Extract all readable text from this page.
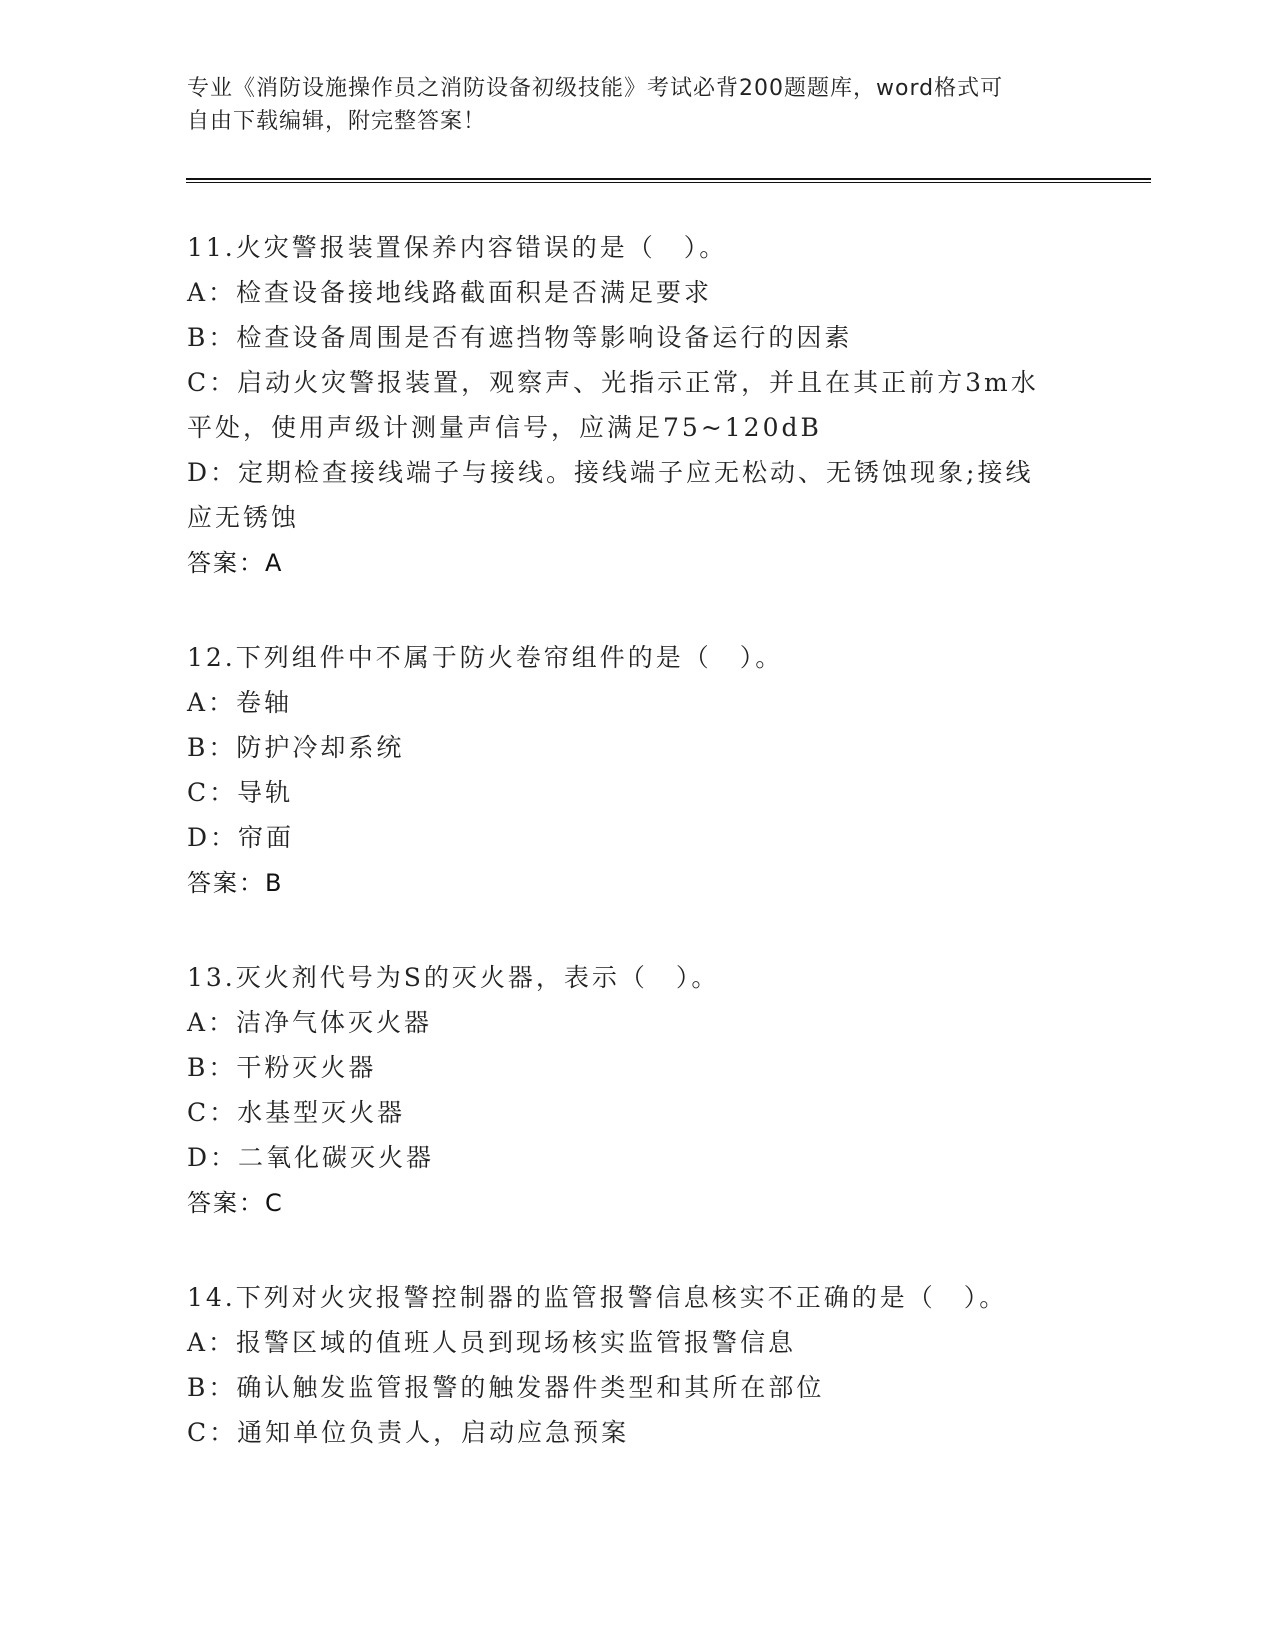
专业《消防设施操作员之消防设备初级技能》考试必背200题题库，word格式可
自由下载编辑，附完整答案！
11.火灾警报装置保养内容错误的是（　）。
A：检查设备接地线路截面积是否满足要求
B：检查设备周围是否有遮挡物等影响设备运行的因素
C：启动火灾警报装置，观察声、光指示正常，并且在其正前方3m水
平处，使用声级计测量声信号，应满足75~120dB
D：定期检查接线端子与接线。接线端子应无松动、无锈蚀现象;接线
应无锈蚀
答案：A
12.下列组件中不属于防火卷帘组件的是（　）。
A：卷轴
B：防护冷却系统
C：导轨
D：帘面
答案：B
13.灭火剂代号为S的灭火器，表示（　）。
A：洁净气体灭火器
B：干粉灭火器
C：水基型灭火器
D：二氧化碳灭火器
答案：C
14.下列对火灾报警控制器的监管报警信息核实不正确的是（　）。
A：报警区域的值班人员到现场核实监管报警信息
B：确认触发监管报警的触发器件类型和其所在部位
C：通知单位负责人，启动应急预案
